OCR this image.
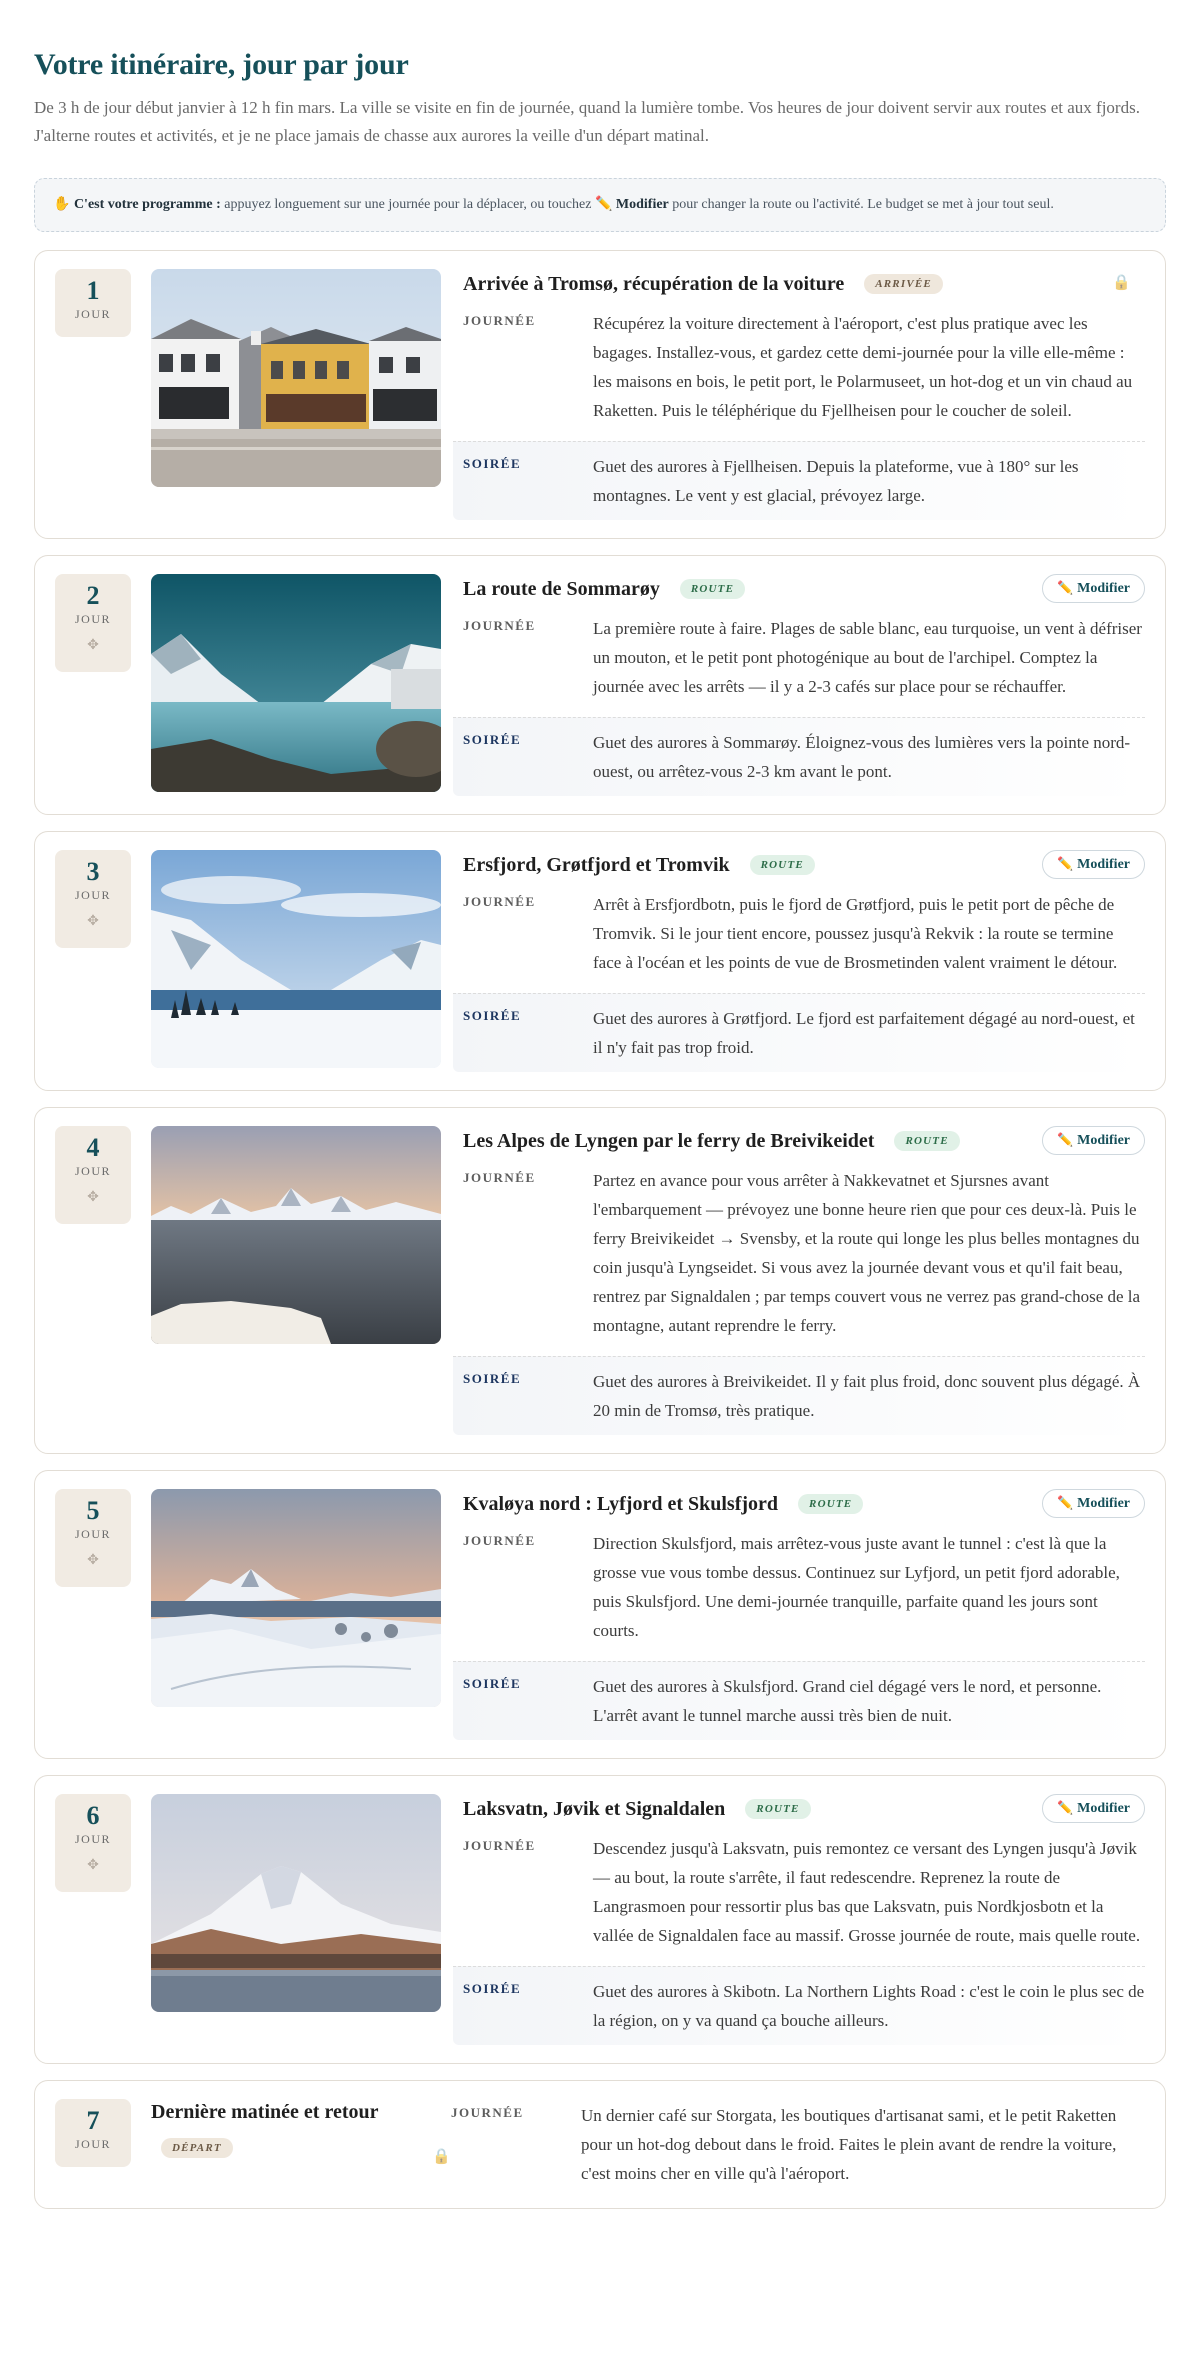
Votre itinéraire, jour par jour

De 3 h de jour début janvier à 12 h fin mars. La ville se visite en fin de journée, quand la lumière tombe. Vos heures de jour doivent servir aux routes et aux fjords. J'alterne routes et activités, et je ne place jamais de chasse aux aurores la veille d'un départ matinal.

✋ C'est votre programme : appuyez longuement sur une journée pour la déplacer, ou touchez ✏️ Modifier pour changer la route ou l'activité. Le budget se met à jour tout seul.
1
JOUR
Arrivée à Tromsø, récupération de la voiture	ARRIVÉE	🔒
JOURNÉE	Récupérez la voiture directement à l'aéroport, c'est plus pratique avec les bagages. Installez-vous, et gardez cette demi-journée pour la ville elle-même : les maisons en bois, le petit port, le Polarmuseet, un hot-dog et un vin chaud au Raketten. Puis le téléphérique du Fjellheisen pour le coucher de soleil.
SOIRÉE	Guet des aurores à Fjellheisen. Depuis la plateforme, vue à 180° sur les montagnes. Le vent y est glacial, prévoyez large.
2
JOUR
✥
La route de Sommarøy	ROUTE	✏️ Modifier
JOURNÉE	La première route à faire. Plages de sable blanc, eau turquoise, un vent à défriser un mouton, et le petit pont photogénique au bout de l'archipel. Comptez la journée avec les arrêts — il y a 2-3 cafés sur place pour se réchauffer.
SOIRÉE	Guet des aurores à Sommarøy. Éloignez-vous des lumières vers la pointe nord-ouest, ou arrêtez-vous 2-3 km avant le pont.
3
JOUR
✥
Ersfjord, Grøtfjord et Tromvik	ROUTE	✏️ Modifier
JOURNÉE	Arrêt à Ersfjordbotn, puis le fjord de Grøtfjord, puis le petit port de pêche de Tromvik. Si le jour tient encore, poussez jusqu'à Rekvik : la route se termine face à l'océan et les points de vue de Brosmetinden valent vraiment le détour.
SOIRÉE	Guet des aurores à Grøtfjord. Le fjord est parfaitement dégagé au nord-ouest, et il n'y fait pas trop froid.
4
JOUR
✥
Les Alpes de Lyngen par le ferry de Breivikeidet	ROUTE	✏️ Modifier
JOURNÉE	Partez en avance pour vous arrêter à Nakkevatnet et Sjursnes avant l'embarquement — prévoyez une bonne heure rien que pour ces deux-là. Puis le ferry Breivikeidet → Svensby, et la route qui longe les plus belles montagnes du coin jusqu'à Lyngseidet. Si vous avez la journée devant vous et qu'il fait beau, rentrez par Signaldalen ; par temps couvert vous ne verrez pas grand-chose de la montagne, autant reprendre le ferry.
SOIRÉE	Guet des aurores à Breivikeidet. Il y fait plus froid, donc souvent plus dégagé. À 20 min de Tromsø, très pratique.
5
JOUR
✥
Kvaløya nord : Lyfjord et Skulsfjord	ROUTE	✏️ Modifier
JOURNÉE	Direction Skulsfjord, mais arrêtez-vous juste avant le tunnel : c'est là que la grosse vue vous tombe dessus. Continuez sur Lyfjord, un petit fjord adorable, puis Skulsfjord. Une demi-journée tranquille, parfaite quand les jours sont courts.
SOIRÉE	Guet des aurores à Skulsfjord. Grand ciel dégagé vers le nord, et personne. L'arrêt avant le tunnel marche aussi très bien de nuit.
6
JOUR
✥
Laksvatn, Jøvik et Signaldalen	ROUTE	✏️ Modifier
JOURNÉE	Descendez jusqu'à Laksvatn, puis remontez ce versant des Lyngen jusqu'à Jøvik — au bout, la route s'arrête, il faut redescendre. Reprenez la route de Langrasmoen pour ressortir plus bas que Laksvatn, puis Nordkjosbotn et la vallée de Signaldalen face au massif. Grosse journée de route, mais quelle route.
SOIRÉE	Guet des aurores à Skibotn. La Northern Lights Road : c'est le coin le plus sec de la région, on y va quand ça bouche ailleurs.
7
JOUR
Dernière matinée et retour
DÉPART
🔒
JOURNÉE	Un dernier café sur Storgata, les boutiques d'artisanat sami, et le petit Raketten pour un hot-dog debout dans le froid. Faites le plein avant de rendre la voiture, c'est moins cher en ville qu'à l'aéroport.
